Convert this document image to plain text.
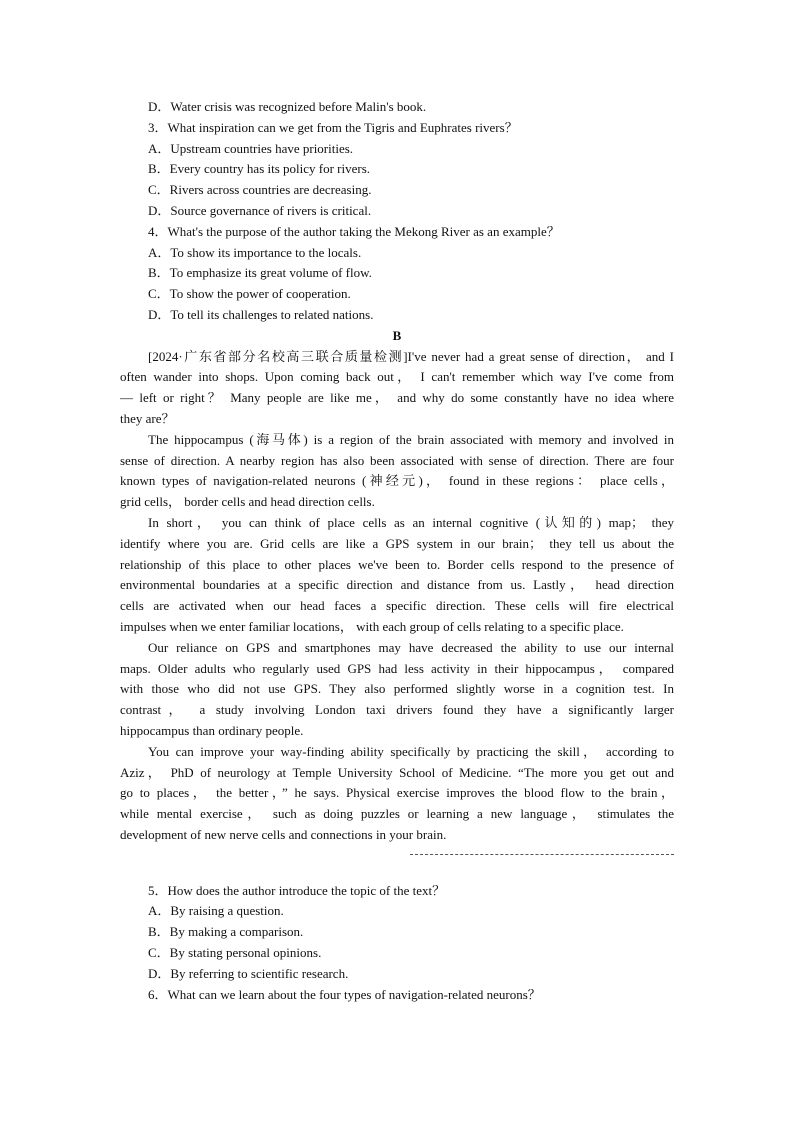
D．Water crisis was recognized before Malin's book.
3．What inspiration can we get from the Tigris and Euphrates rivers？
A．Upstream countries have priorities.
B．Every country has its policy for rivers.
C．Rivers across countries are decreasing.
D．Source governance of rivers is critical.
4．What's the purpose of the author taking the Mekong River as an example？
A．To show its importance to the locals.
B．To emphasize its great volume of flow.
C．To show the power of cooperation.
D．To tell its challenges to related nations.
B
[2024·广东省部分名校高三联合质量检测]I've never had a great sense of direction， and I
often wander into shops. Upon coming back out， I can't remember which way I've come from
— left or right？ Many people are like me， and why do some constantly have no idea where
they are？
The hippocampus (海马体) is a region of the brain associated with memory and involved in
sense of direction. A nearby region has also been associated with sense of direction. There are four
known types of navigation-related neurons (神经元)， found in these regions： place cells，
grid cells， border cells and head direction cells.
In short， you can think of place cells as an internal cognitive (认知的) map； they
identify where you are. Grid cells are like a GPS system in our brain； they tell us about the
relationship of this place to other places we've been to. Border cells respond to the presence of
environmental boundaries at a specific direction and distance from us. Lastly， head direction
cells are activated when our head faces a specific direction. These cells will fire electrical
impulses when we enter familiar locations， with each group of cells relating to a specific place.
Our reliance on GPS and smartphones may have decreased the ability to use our internal
maps. Older adults who regularly used GPS had less activity in their hippocampus， compared
with those who did not use GPS. They also performed slightly worse in a cognition test. In
contrast， a study involving London taxi drivers found they have a significantly larger
hippocampus than ordinary people.
You can improve your way-finding ability specifically by practicing the skill， according to
Aziz， PhD of neurology at Temple University School of Medicine. “The more you get out and
go to places， the better，” he says. Physical exercise improves the blood flow to the brain，
while mental exercise， such as doing puzzles or learning a new language， stimulates the
development of new nerve cells and connections in your brain.
5．How does the author introduce the topic of the text？
A．By raising a question.
B．By making a comparison.
C．By stating personal opinions.
D．By referring to scientific research.
6．What can we learn about the four types of navigation-related neurons？
